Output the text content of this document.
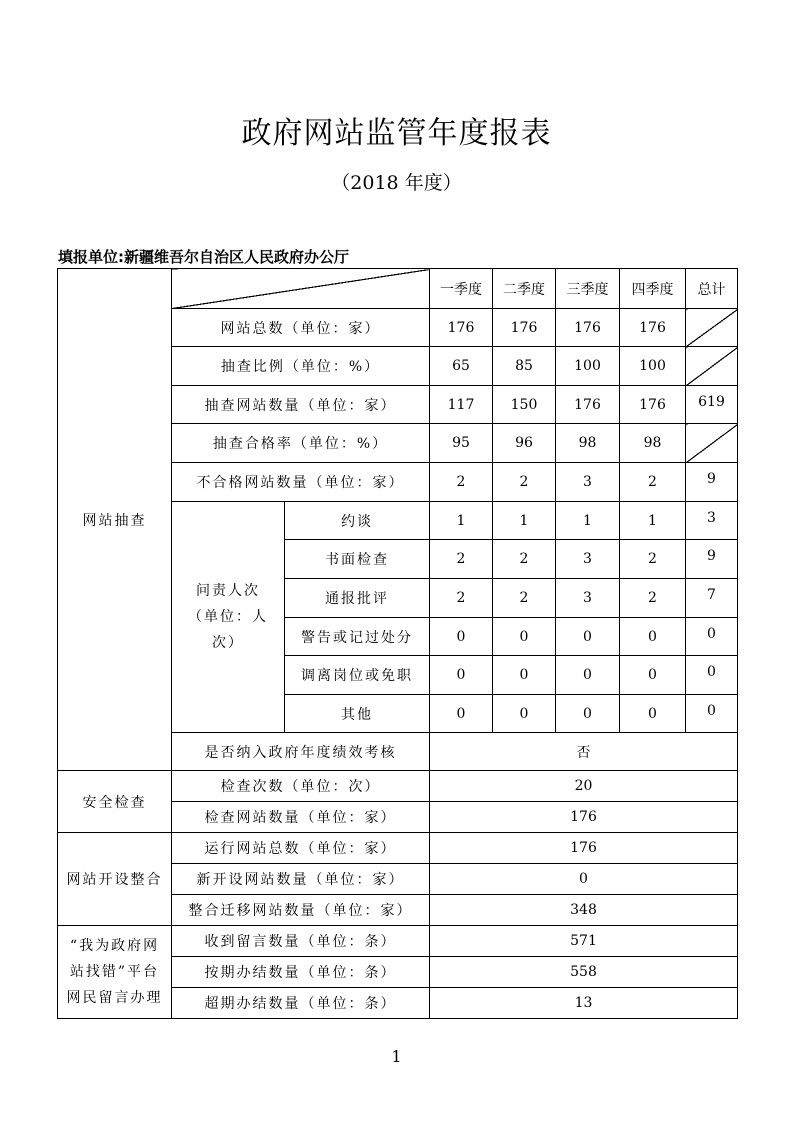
政府网站监管年度报表
（2018 年度）
填报单位:新疆维吾尔自治区人民政府办公厅
网站抽查			一季度	二季度	三季度	四季度	总计
	网站总数（单位：家）		176	176	176	176	
	抽查比例（单位：%）		65	85	100	100	
	抽查网站数量（单位：家）		117	150	176	176	619
	抽查合格率（单位：%）		95	96	98	98	
	不合格网站数量（单位：家）		2	2	3	2	9
	问责人次（单位：人次）	约谈	1	1	1	1	3
		书面检查	2	2	3	2	9
		通报批评	2	2	3	2	7
		警告或记过处分	0	0	0	0	0
		调离岗位或免职	0	0	0	0	0
		其他	0	0	0	0	0
	是否纳入政府年度绩效考核		否				
安全检查	检查次数（单位：次）		20				
	检查网站数量（单位：家）		176				
网站开设整合	运行网站总数（单位：家）		176				
	新开设网站数量（单位：家）		0				
	整合迁移网站数量（单位：家）		348				
“我为政府网站找错”平台网民留言办理	收到留言数量（单位：条）		571				
	按期办结数量（单位：条）		558				
	超期办结数量（单位：条）		13				
1
